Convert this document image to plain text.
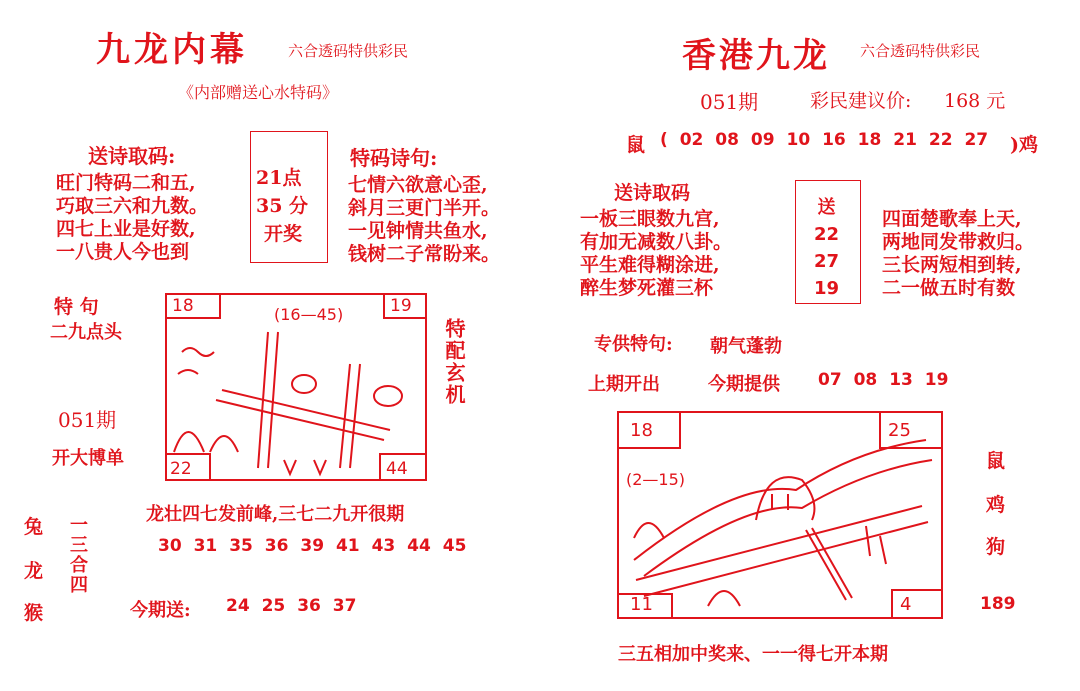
九龙内幕	六合透码特供彩民
《内部赠送心水特码》
送诗取码:
旺门特码二和五,
巧取三六和九数。
四七上业是好数,
一八贵人今也到
21点
35 分
开奖
特码诗句:
七情六欲意心歪,
斜月三更门半开。
一见钟情共鱼水,
钱树二子常盼来。
特 句
二九点头
051期
开大博单
特配玄机
18	19
22	44
(16—45)
龙壮四七发前峰,三七二九开很期
30 31 35 36 39 41 43 44 45
兔
龙
猴
一
三
合
四
今期送: 24 25 36 37
香港九龙 六合透码特供彩民
051期	彩民建议价: 168 元
鼠 ( 02 08 09 10 16 18 21 22 27 )鸡
送诗取码
一板三眼数九宫,
有加无减数八卦。
平生难得糊涂进,
醉生梦死灌三杯
送
22
27
19
四面楚歌奉上天,
两地同发带救归。
三长两短相到转,
二一做五时有数
专供特句: 朝气蓬勃
上期开出	今期提供 07 08 13 19
18	25
11	4
(2—15)
鼠
鸡
狗
189
三五相加中奖来、一一得七开本期
